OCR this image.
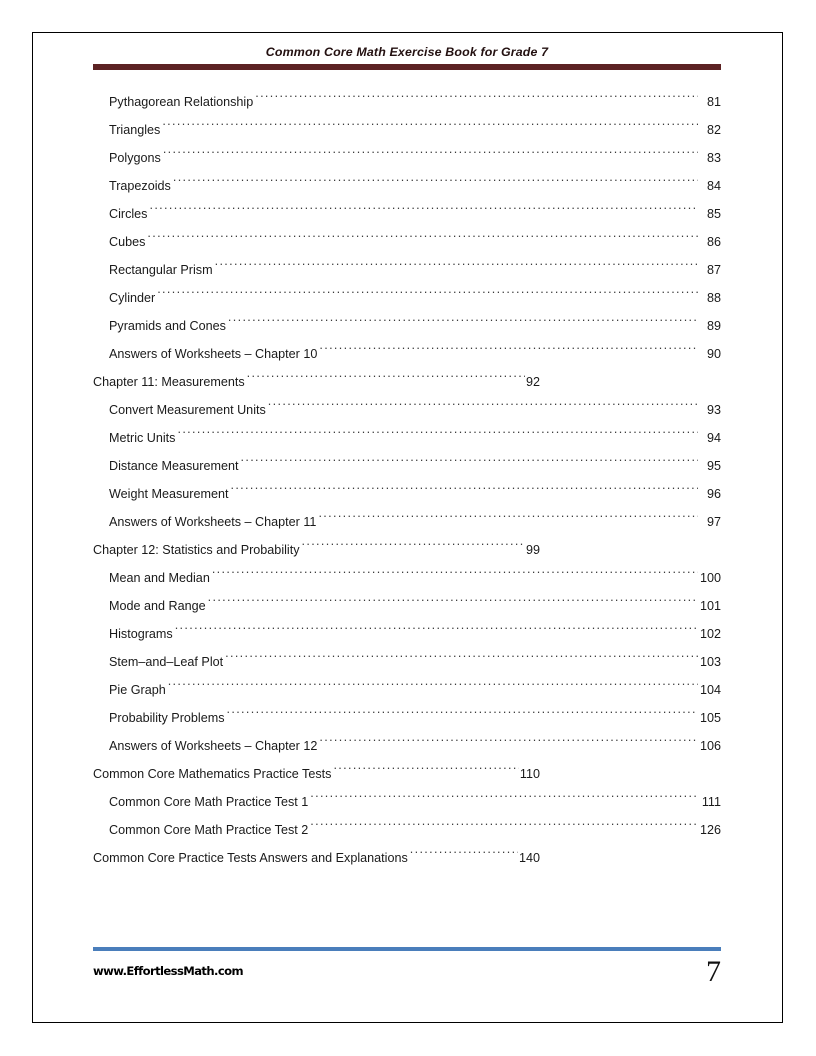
Common Core Math Exercise Book for Grade 7
Pythagorean Relationship .....	81
Triangles .....	82
Polygons .....	83
Trapezoids .....	84
Circles .....	85
Cubes .....	86
Rectangular Prism .....	87
Cylinder .....	88
Pyramids and Cones .....	89
Answers of Worksheets – Chapter 10 .....	90
Chapter 11: Measurements .....	92
Convert Measurement Units .....	93
Metric Units .....	94
Distance Measurement .....	95
Weight Measurement .....	96
Answers of Worksheets – Chapter 11 .....	97
Chapter 12: Statistics and Probability .....	99
Mean and Median .....	100
Mode and Range .....	101
Histograms .....	102
Stem–and–Leaf Plot .....	103
Pie Graph .....	104
Probability Problems .....	105
Answers of Worksheets – Chapter 12 .....	106
Common Core Mathematics Practice Tests .....	110
Common Core Math Practice Test 1 .....	111
Common Core Math Practice Test 2 .....	126
Common Core Practice Tests Answers and Explanations .....	140
www.EffortlessMath.com	7
